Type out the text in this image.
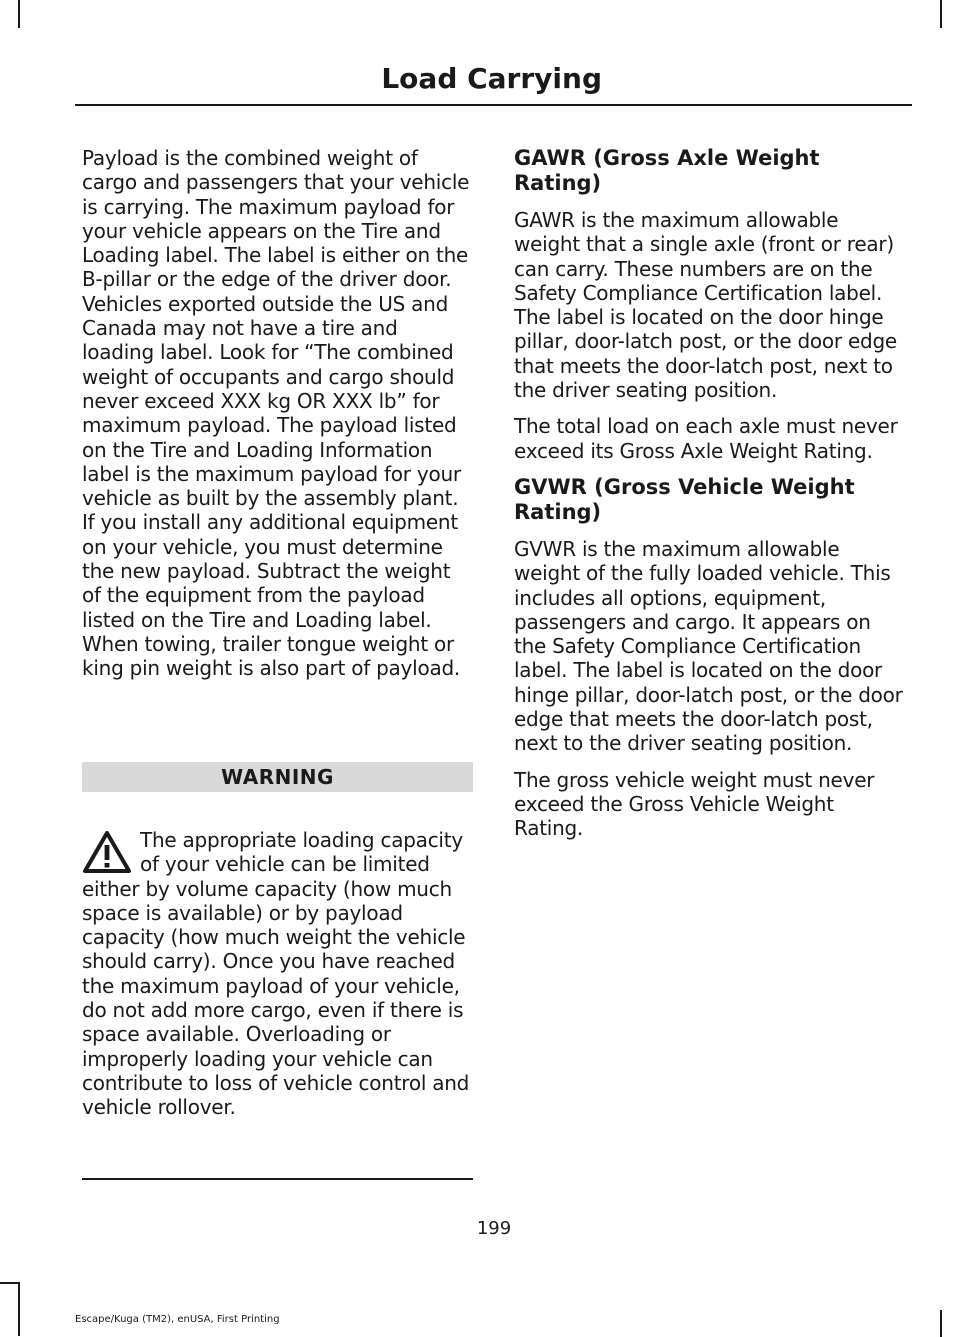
Load Carrying

Payload is the combined weight of cargo and passengers that your vehicle is carrying. The maximum payload for your vehicle appears on the Tire and Loading label. The label is either on the B-pillar or the edge of the driver door. Vehicles exported outside the US and Canada may not have a tire and loading label. Look for “The combined weight of occupants and cargo should never exceed XXX kg OR XXX lb” for maximum payload. The payload listed on the Tire and Loading Information label is the maximum payload for your vehicle as built by the assembly plant. If you install any additional equipment on your vehicle, you must determine the new payload. Subtract the weight of the equipment from the payload listed on the Tire and Loading label. When towing, trailer tongue weight or king pin weight is also part of payload.

WARNING

The appropriate loading capacity of your vehicle can be limited either by volume capacity (how much space is available) or by payload capacity (how much weight the vehicle should carry). Once you have reached the maximum payload of your vehicle, do not add more cargo, even if there is space available. Overloading or improperly loading your vehicle can contribute to loss of vehicle control and vehicle rollover.

GAWR (Gross Axle Weight Rating)

GAWR is the maximum allowable weight that a single axle (front or rear) can carry. These numbers are on the Safety Compliance Certification label. The label is located on the door hinge pillar, door-latch post, or the door edge that meets the door-latch post, next to the driver seating position.

The total load on each axle must never exceed its Gross Axle Weight Rating.

GVWR (Gross Vehicle Weight Rating)

GVWR is the maximum allowable weight of the fully loaded vehicle. This includes all options, equipment, passengers and cargo. It appears on the Safety Compliance Certification label. The label is located on the door hinge pillar, door-latch post, or the door edge that meets the door-latch post, next to the driver seating position.

The gross vehicle weight must never exceed the Gross Vehicle Weight Rating.

199
Escape/Kuga (TM2), enUSA, First Printing
